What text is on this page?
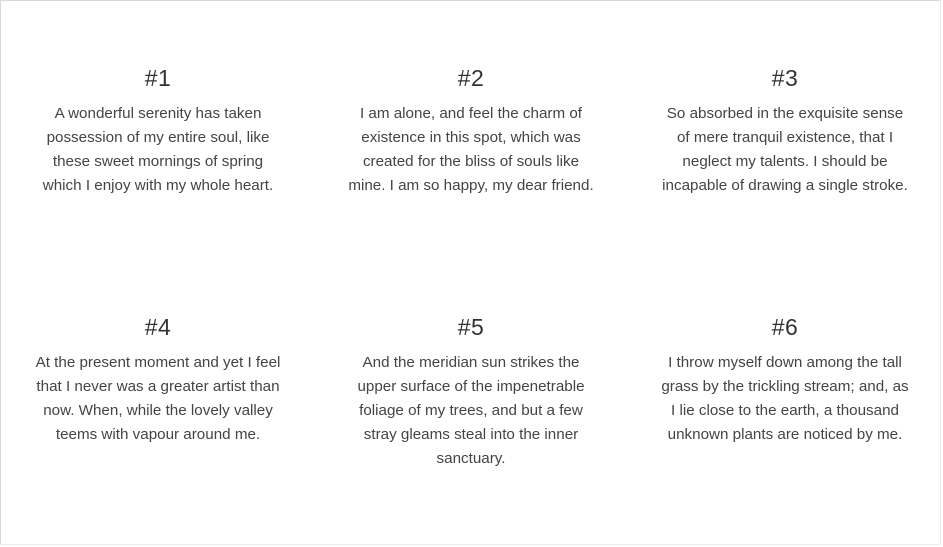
#1
A wonderful serenity has taken possession of my entire soul, like these sweet mornings of spring which I enjoy with my whole heart.
#2
I am alone, and feel the charm of existence in this spot, which was created for the bliss of souls like mine. I am so happy, my dear friend.
#3
So absorbed in the exquisite sense of mere tranquil existence, that I neglect my talents. I should be incapable of drawing a single stroke.
#4
At the present moment and yet I feel that I never was a greater artist than now. When, while the lovely valley teems with vapour around me.
#5
And the meridian sun strikes the upper surface of the impenetrable foliage of my trees, and but a few stray gleams steal into the inner sanctuary.
#6
I throw myself down among the tall grass by the trickling stream; and, as I lie close to the earth, a thousand unknown plants are noticed by me.
